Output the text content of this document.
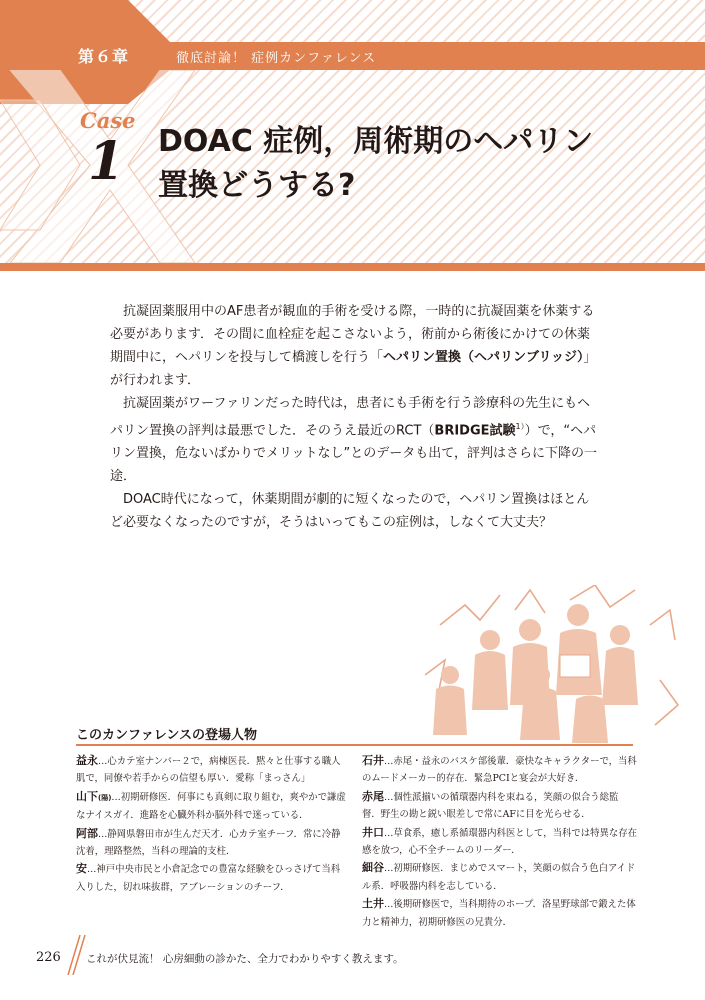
第６章	徹底討論！ 症例カンファレンス
Case
1 DOAC 症例，周術期のヘパリン
置換どうする?

抗凝固薬服用中のAF患者が観血的手術を受ける際，一時的に抗凝固薬を休薬する必要があります．その間に血栓症を起こさないよう，術前から術後にかけての休薬期間中に，ヘパリンを投与して橋渡しを行う「ヘパリン置換（ヘパリンブリッジ）」が行われます．

抗凝固薬がワーファリンだった時代は，患者にも手術を行う診療科の先生にもヘパリン置換の評判は最悪でした．そのうえ最近のRCT（BRIDGE試験$^{1)}$）で，“ヘパリン置換，危ないばかりでメリットなし”とのデータも出て，評判はさらに下降の一途．

DOAC時代になって，休薬期間が劇的に短くなったので，ヘパリン置換はほとんど必要なくなったのですが，そうはいってもこの症例は，しなくて大丈夫？

このカンファレンスの登場人物
益永…心カテ室ナンバー２で，病棟医長．黙々と仕事する職人肌で，同僚や若手からの信望も厚い．愛称「まっさん」
山下(陽)…初期研修医．何事にも真剣に取り組む，爽やかで謙虚なナイスガイ．進路を心臓外科か脳外科で迷っている．
阿部…静岡県磐田市が生んだ天才．心カテ室チーフ．常に冷静沈着，理路整然，当科の理論的支柱．
安…神戸中央市民と小倉記念での豊富な経験をひっさげて当科入りした，切れ味抜群，アブレーションのチーフ．
石井…赤尾・益永のバスケ部後輩．豪快なキャラクターで，当科のムードメーカー的存在．緊急PCIと宴会が大好き．
赤尾…個性派揃いの循環器内科を束ねる，笑顔の似合う総監督．野生の勘と鋭い眼差しで常にAFに目を光らせる．
井口…草食系，癒し系循環器内科医として，当科では特異な存在感を放つ，心不全チームのリーダー．
細谷…初期研修医．まじめでスマート，笑顔の似合う色白アイドル系．呼吸器内科を志している．
土井…後期研修医で，当科期待のホープ．洛星野球部で鍛えた体力と精神力，初期研修医の兄貴分．
226 これが伏見流！ 心房細動の診かた、全力でわかりやすく教えます。
